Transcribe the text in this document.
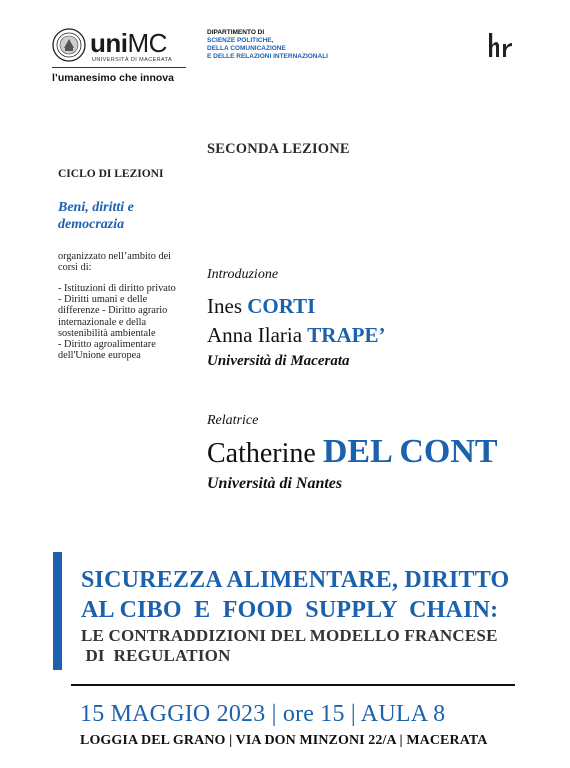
uniMC
UNIVERSITÀ DI MACERATA
l’umanesimo che innova
DIPARTIMENTO DI
SCIENZE POLITICHE,
DELLA COMUNICAZIONE
E DELLE RELAZIONI INTERNAZIONALI
CICLO DI LEZIONI
Beni, diritti e democrazia
organizzato nell’ambito dei corsi di:
- Istituzioni di diritto privato
- Diritti umani e delle differenze - Diritto agrario internazionale e della sostenibilità ambientale
- Diritto agroalimentare dell'Unione europea
SECONDA LEZIONE
Introduzione
Ines CORTI
Anna Ilaria TRAPE’
Università di Macerata
Relatrice
Catherine DEL CONT
Università di Nantes
SICUREZZA ALIMENTARE, DIRITTO
AL CIBO  E  FOOD  SUPPLY  CHAIN:
LE CONTRADDIZIONI DEL MODELLO FRANCESE
DI  REGULATION
15 MAGGIO 2023 | ore 15 | AULA 8
LOGGIA DEL GRANO | VIA DON MINZONI 22/A | MACERATA
